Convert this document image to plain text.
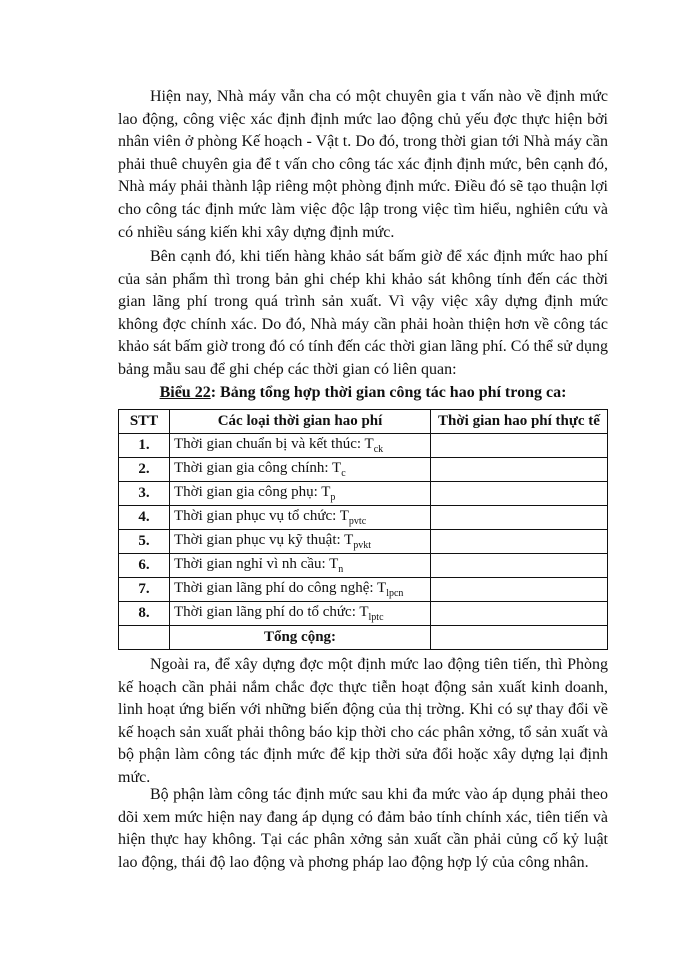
Hiện nay, Nhà máy vẫn cha có một chuyên gia t vấn nào về định mức lao động, công việc xác định định mức lao động chủ yếu đợc thực hiện bởi nhân viên ở phòng Kế hoạch - Vật t. Do đó, trong thời gian tới Nhà máy cần phải thuê chuyên gia để t vấn cho công tác xác định định mức, bên cạnh đó, Nhà máy phải thành lập riêng một phòng định mức. Điều đó sẽ tạo thuận lợi cho công tác định mức làm việc độc lập trong việc tìm hiểu, nghiên cứu và có nhiều sáng kiến khi xây dựng định mức.

Bên cạnh đó, khi tiến hàng khảo sát bấm giờ để xác định mức hao phí của sản phẩm thì trong bản ghi chép khi khảo sát không tính đến các thời gian lãng phí trong quá trình sản xuất. Vì vậy việc xây dựng định mức không đợc chính xác. Do đó, Nhà máy cần phải hoàn thiện hơn về công tác khảo sát bấm giờ trong đó có tính đến các thời gian lãng phí. Có thể sử dụng bảng mẫu sau để ghi chép các thời gian có liên quan:

Biểu 22: Bảng tổng hợp thời gian công tác hao phí trong ca:

STT	Các loại thời gian hao phí	Thời gian hao phí thực tế
1.	Thời gian chuẩn bị và kết thúc: $T_{ck}$	
2.	Thời gian gia công chính: $T_c$	
3.	Thời gian gia công phụ: $T_p$	
4.	Thời gian phục vụ tổ chức: $T_{pvtc}$	
5.	Thời gian phục vụ kỹ thuật: $T_{pvkt}$	
6.	Thời gian nghỉ vì nh cầu: $T_n$	
7.	Thời gian lãng phí do công nghệ: $T_{lpcn}$	
8.	Thời gian lãng phí do tổ chức: $T_{lptc}$	
	Tổng cộng:	

Ngoài ra, để xây dựng đợc một định mức lao động tiên tiến, thì Phòng kế hoạch cần phải nắm chắc đợc thực tiễn hoạt động sản xuất kinh doanh, linh hoạt ứng biến với những biến động của thị trờng. Khi có sự thay đổi về kế hoạch sản xuất phải thông báo kịp thời cho các phân xởng, tổ sản xuất và bộ phận làm công tác định mức để kịp thời sửa đổi hoặc xây dựng lại định mức.

Bộ phận làm công tác định mức sau khi đa mức vào áp dụng phải theo dõi xem mức hiện nay đang áp dụng có đảm bảo tính chính xác, tiên tiến và hiện thực hay không. Tại các phân xởng sản xuất cần phải củng cố kỷ luật lao động, thái độ lao động và phơng pháp lao động hợp lý của công nhân.
